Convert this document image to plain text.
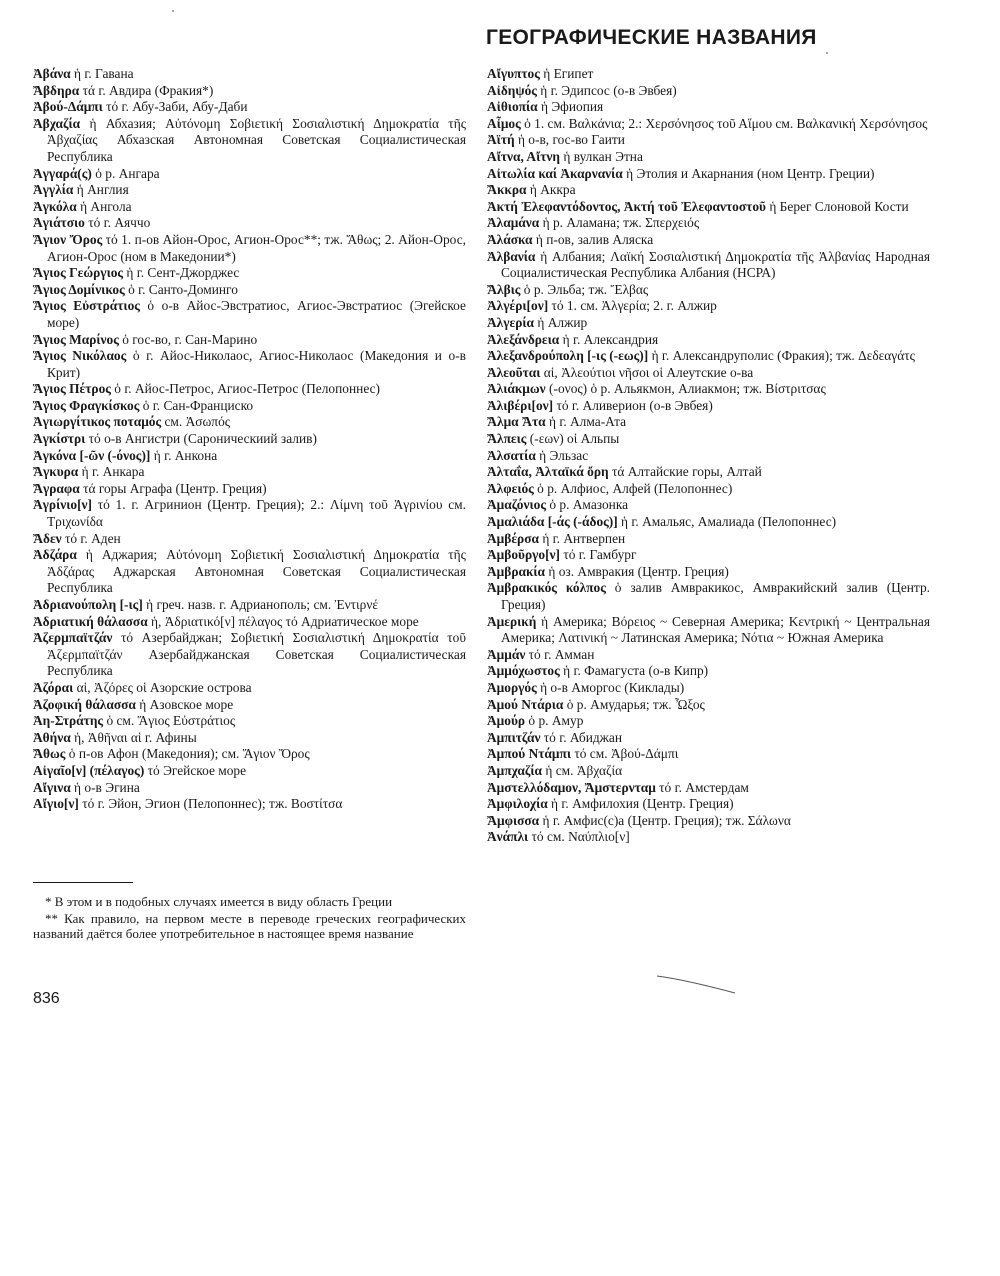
ГЕОГРАФИЧЕСКИЕ НАЗВАНИЯ

Ἀβάνα ἡ г. Гавана

Ἄβδηρα τά г. Авдира (Фракия*)

Ἀβού-Δάμπι τό г. Абу-Заби, Абу-Даби

Ἀβχαζία ἡ Абхазия; Αὐτόνομη Σοβιετική Σοσιαλιστική Δημοκρατία τῆς Ἀβχαζίας Абхазская Автономная Советская Социалистическая Республика

Ἀγγαρά(ς) ὁ р. Ангара

Ἀγγλία ἡ Англия

Ἀγκόλα ἡ Ангола

Ἀγιάτσιο τό г. Аяччо

Ἅγιον Ὄρος τό 1. п-ов Айон-Орос, Агион-Орос**; тж. Ἄθως; 2. Айон-Орос, Агион-Орос (ном в Македонии*)

Ἅγιος Γεώργιος ἡ г. Сент-Джорджес

Ἅγιος Δομίνικος ὁ г. Санто-Доминго

Ἅγιος Εὐστράτιος ὁ о-в Айос-Эвстратиос, Агиос-Эвстратиос (Эгейское море)

Ἅγιος Μαρίνος ὁ гос-во, г. Сан-Марино

Ἅγιος Νικόλαος ὁ г. Айос-Николаос, Агиос-Николаос (Македония и о-в Крит)

Ἅγιος Πέτρος ὁ г. Айос-Петрос, Агиос-Петрос (Пелопоннес)

Ἅγιος Φραγκίσκος ὁ г. Сан-Франциско

Ἀγιωργίτικος ποταμός см. Ἀσωπός

Ἀγκίστρι τό о-в Ангистри (Сароническиий залив)

Ἀγκόνα [-ῶν (-όνος)] ἡ г. Анкона

Ἄγκυρα ἡ г. Анкара

Ἄγραφα τά горы Аграфа (Центр. Греция)

Ἀγρίνιο[ν] τό 1. г. Агринион (Центр. Греция); 2.: Λίμνη τοῦ Ἀγρινίου см. Τριχωνίδα

Ἄδεν τό г. Аден

Ἀδζάρα ἡ Аджария; Αὐτόνομη Σοβιετική Σοσιαλιστική Δημοκρατία τῆς Ἀδζάρας Аджарская Автономная Советская Социалистическая Республика

Ἀδριανούπολη [-ις] ἡ греч. назв. г. Адрианополь; см. Ἐντιρνέ

Ἀδριατική θάλασσα ἡ, Ἀδριατικό[ν] πέλαγος τό Адриатическое море

Ἀζερμπαϊτζάν τό Азербайджан; Σοβιετική Σοσιαλιστική Δημοκρατία τοῦ Ἀζερμπαϊτζάν Азербайджанская Советская Социалистическая Республика

Ἀζόραι αἱ, Ἀζόρες οἱ Азорские острова

Ἀζοφική θάλασσα ἡ Азовское море

Ἀη-Στράτης ὁ см. Ἅγιος Εὐστράτιος

Ἀθήνα ἡ, Ἀθῆναι αἱ г. Афины

Ἄθως ὁ п-ов Афон (Македония); см. Ἅγιον Ὄρος

Αἰγαῖο[ν] (πέλαγος) τό Эгейское море

Αἴγινα ἡ о-в Эгина

Αἴγιο[ν] τό г. Эйон, Эгион (Пелопоннес); тж. Βοστίτσα

Αἴγυπτος ἡ Египет

Αἰδηψός ἡ г. Эдипсос (о-в Эвбея)

Αἰθιοπία ἡ Эфиопия

Αἶμος ὁ 1. см. Βαλκάνια; 2.: Χερσόνησος τοῦ Αἵμου см. Βαλκανική Χερσόνησος

Ἀϊτή ἡ о-в, гос-во Гаити

Αἴτνα, Αἴτνη ἡ вулкан Этна

Αἰτωλία καί Ἀκαρνανία ἡ Этолия и Акарнания (ном Центр. Греции)

Ἄκκρα ἡ Аккра

Ἀκτή Ἐλεφαντόδοντος, Ἀκτή τοῦ Ἐλεφαντοστοῦ ἡ Берег Слоновой Кости

Ἀλαμάνα ἡ р. Аламана; тж. Σπερχειός

Ἀλάσκα ἡ п-ов, залив Аляска

Ἀλβανία ἡ Албания; Λαϊκή Σοσιαλιστική Δημοκρατία τῆς Ἀλβανίας Народная Социалистическая Республика Албания (НСРА)

Ἄλβις ὁ р. Эльба; тж. Ἔλβας

Ἀλγέρι[ον] τό 1. см. Ἀλγερία; 2. г. Алжир

Ἀλγερία ἡ Алжир

Ἀλεξάνδρεια ἡ г. Александрия

Ἀλεξανδρούπολη [-ις (-εως)] ἡ г. Александруполис (Фракия); тж. Δεδεαγάτς

Ἀλεοῦται αἱ, Ἀλεούτιοι νῆσοι οἱ Алеутские о-ва

Ἀλιάκμων (-ονος) ὁ р. Альякмон, Алиакмон; тж. Βίστριτσας

Ἀλιβέρι[ον] τό г. Аливерион (о-в Эвбея)

Ἄλμα Ἄτα ἡ г. Алма-Ата

Ἄλπεις (-εων) οἱ Альпы

Ἀλσατία ἡ Эльзас

Ἀλταΐα, Ἀλταϊκά ὄρη τά Алтайские горы, Алтай

Ἀλφειός ὁ р. Алфиос, Алфей (Пелопоннес)

Ἀμαζόνιος ὁ р. Амазонка

Ἀμαλιάδα [-άς (-άδος)] ἡ г. Амальяс, Амалиада (Пелопоннес)

Ἀμβέρσα ἡ г. Антверпен

Ἀμβοῦργο[ν] τό г. Гамбург

Ἀμβρακία ἡ оз. Амвракия (Центр. Греция)

Ἀμβρακικός κόλπος ὁ залив Амвракикос, Амвракийский залив (Центр. Греция)

Ἀμερική ἡ Америка; Βόρειος ~ Северная Америка; Κεντρική ~ Центральная Америка; Λατινική ~ Латинская Америка; Νότια ~ Южная Америка

Ἀμμάν τό г. Амман

Ἀμμόχωστος ἡ г. Фамагуста (о-в Кипр)

Ἀμοργός ἡ о-в Аморгос (Киклады)

Ἀμού Ντάρια ὁ р. Амударья; тж. Ὦξος

Ἀμούρ ὁ р. Амур

Ἀμπιτζάν τό г. Абиджан

Ἀμπού Ντάμπι τό см. Ἀβού-Δάμπι

Ἀμπχαζία ἡ см. Ἀβχαζία

Ἀμστελλόδαμον, Ἄμστερνταμ τό г. Амстердам

Ἀμφιλοχία ἡ г. Амфилохия (Центр. Греция)

Ἄμφισσα ἡ г. Амфис(с)а (Центр. Греция); тж. Σάλωνα

Ἀνάπλι τό см. Ναύπλιο[ν]

* В этом и в подобных случаях имеется в виду область Греции

** Как правило, на первом месте в переводе греческих географических названий даётся более употребительное в настоящее время название

836
